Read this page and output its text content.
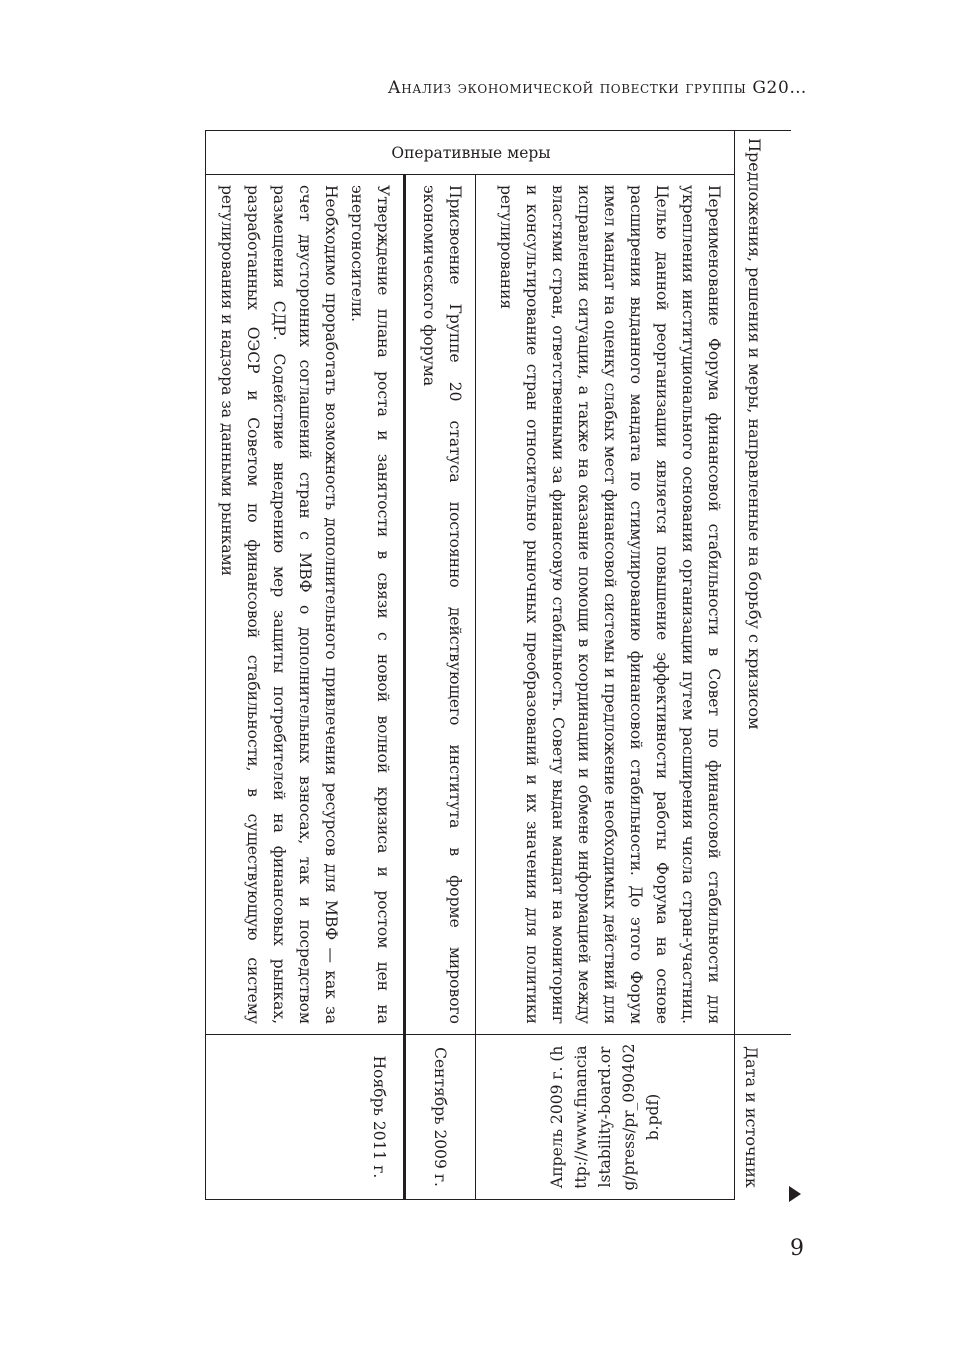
Анализ экономической повестки группы G20…
Предложения, решения и меры, направленные на борьбу с кризисом
Дата и источник
Оперативные меры
Переименование Форума финансовой стабильности в Совет по финансовой стабильности для укрепления институционального основания организации путем расширения числа стран-участниц. Целью данной реорганизации является повышение эффективности работы Форума на основе расширения выданного мандата по стимулированию финансовой стабильности. До этого Форум имел мандат на оценку слабых мест финансовой системы и предложение необходимых действий для исправления ситуации, а также на оказание помощи в координации и обмене информацией между властями стран, ответственными за финансовую стабильность. Совету выдан мандат на мониторинг и консультирование стран относительно рыночных преобразований и их значения для политики регулирования
Апрель 2009 г. (http://www.financialstability-board.org/press/pr_090402b.pdf)
Присвоение Группе 20 статуса постоянно действующего института в форме мирового экономического форума
Сентябрь 2009 г.

Утверждение плана роста и занятости в связи с новой волной кризиса и ростом цен на энергоносители.

Необходимо проработать возможность дополнительного привлечения ресурсов для МВФ — как за счет двусторонних соглашений стран с МВФ о дополнительных взносах, так и посредством размещения СДР. Содействие внедрению мер защиты потребителей на финансовых рынках, разработанных ОЭСР и Советом по финансовой стабильности, в существующую систему регулирования и надзора за данными рынками

Ноябрь 2011 г.
9
